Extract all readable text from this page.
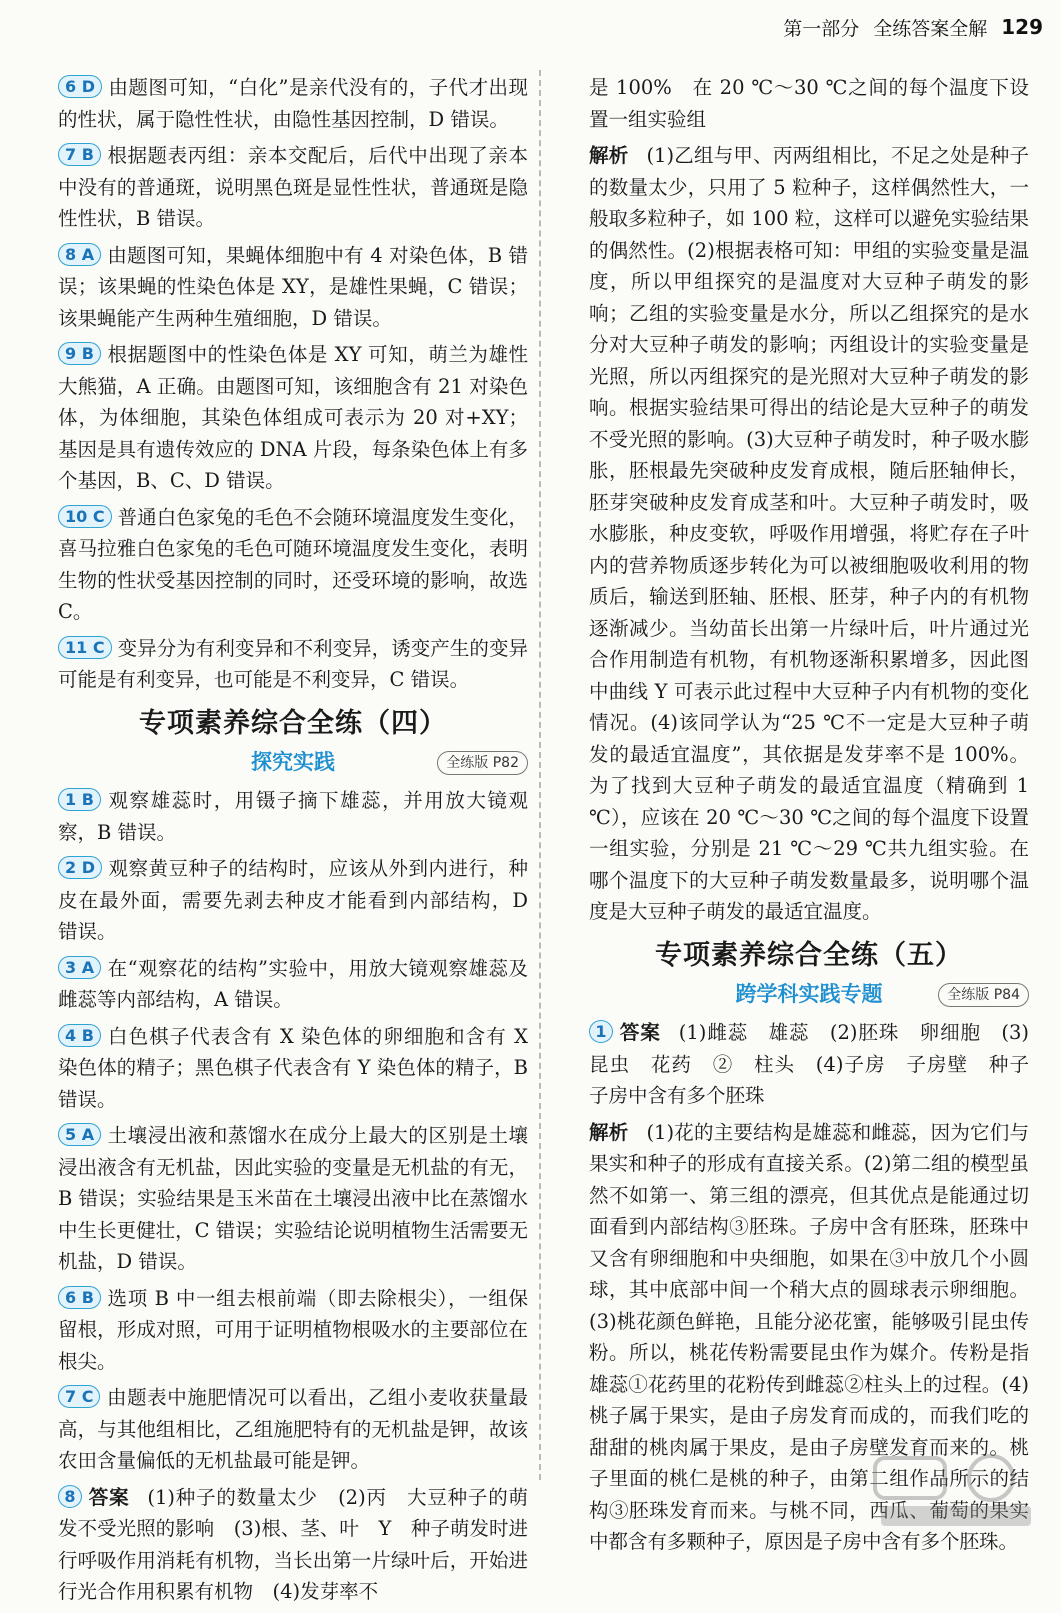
第一部分 全练答案全解 129
6 D 由题图可知，“白化”是亲代没有的，子代才出现的性状，属于隐性性状，由隐性基因控制，D 错误。
7 B 根据题表丙组：亲本交配后，后代中出现了亲本中没有的普通斑，说明黑色斑是显性性状，普通斑是隐性性状，B 错误。
8 A 由题图可知，果蝇体细胞中有 4 对染色体，B 错误；该果蝇的性染色体是 XY，是雄性果蝇，C 错误；该果蝇能产生两种生殖细胞，D 错误。
9 B 根据题图中的性染色体是 XY 可知，萌兰为雄性大熊猫，A 正确。由题图可知，该细胞含有 21 对染色体，为体细胞，其染色体组成可表示为 20 对+XY；基因是具有遗传效应的 DNA 片段，每条染色体上有多个基因，B、C、D 错误。
10 C 普通白色家兔的毛色不会随环境温度发生变化，喜马拉雅白色家兔的毛色可随环境温度发生变化，表明生物的性状受基因控制的同时，还受环境的影响，故选 C。
11 C 变异分为有利变异和不利变异，诱变产生的变异可能是有利变异，也可能是不利变异，C 错误。
专项素养综合全练（四）
探究实践	全练版 P82
1 B 观察雄蕊时，用镊子摘下雄蕊，并用放大镜观察，B 错误。
2 D 观察黄豆种子的结构时，应该从外到内进行，种皮在最外面，需要先剥去种皮才能看到内部结构，D 错误。
3 A 在“观察花的结构”实验中，用放大镜观察雄蕊及雌蕊等内部结构，A 错误。
4 B 白色棋子代表含有 X 染色体的卵细胞和含有 X 染色体的精子；黑色棋子代表含有 Y 染色体的精子，B 错误。
5 A 土壤浸出液和蒸馏水在成分上最大的区别是土壤浸出液含有无机盐，因此实验的变量是无机盐的有无，B 错误；实验结果是玉米苗在土壤浸出液中比在蒸馏水中生长更健壮，C 错误；实验结论说明植物生活需要无机盐，D 错误。
6 B 选项 B 中一组去根前端（即去除根尖），一组保留根，形成对照，可用于证明植物根吸水的主要部位在根尖。
7 C 由题表中施肥情况可以看出，乙组小麦收获量最高，与其他组相比，乙组施肥特有的无机盐是钾，故该农田含量偏低的无机盐最可能是钾。
8 答案 (1)种子的数量太少　(2)丙　大豆种子的萌发不受光照的影响　(3)根、茎、叶　Y　种子萌发时进行呼吸作用消耗有机物，当长出第一片绿叶后，开始进行光合作用积累有机物　(4)发芽率不
是 100%　在 20 ℃～30 ℃之间的每个温度下设置一组实验组
解析 (1)乙组与甲、丙两组相比，不足之处是种子的数量太少，只用了 5 粒种子，这样偶然性大，一般取多粒种子，如 100 粒，这样可以避免实验结果的偶然性。(2)根据表格可知：甲组的实验变量是温度，所以甲组探究的是温度对大豆种子萌发的影响；乙组的实验变量是水分，所以乙组探究的是水分对大豆种子萌发的影响；丙组设计的实验变量是光照，所以丙组探究的是光照对大豆种子萌发的影响。根据实验结果可得出的结论是大豆种子的萌发不受光照的影响。(3)大豆种子萌发时，种子吸水膨胀，胚根最先突破种皮发育成根，随后胚轴伸长，胚芽突破种皮发育成茎和叶。大豆种子萌发时，吸水膨胀，种皮变软，呼吸作用增强，将贮存在子叶内的营养物质逐步转化为可以被细胞吸收利用的物质后，输送到胚轴、胚根、胚芽，种子内的有机物逐渐减少。当幼苗长出第一片绿叶后，叶片通过光合作用制造有机物，有机物逐渐积累增多，因此图中曲线 Y 可表示此过程中大豆种子内有机物的变化情况。(4)该同学认为“25 ℃不一定是大豆种子萌发的最适宜温度”，其依据是发芽率不是 100%。为了找到大豆种子萌发的最适宜温度（精确到 1 ℃），应该在 20 ℃～30 ℃之间的每个温度下设置一组实验，分别是 21 ℃～29 ℃共九组实验。在哪个温度下的大豆种子萌发数量最多，说明哪个温度是大豆种子萌发的最适宜温度。
专项素养综合全练（五）
跨学科实践专题	全练版 P84
1 答案 (1)雌蕊　雄蕊　(2)胚珠　卵细胞　(3)昆虫　花药　②　柱头　(4)子房　子房壁　种子　子房中含有多个胚珠
解析 (1)花的主要结构是雄蕊和雌蕊，因为它们与果实和种子的形成有直接关系。(2)第二组的模型虽然不如第一、第三组的漂亮，但其优点是能通过切面看到内部结构③胚珠。子房中含有胚珠，胚珠中又含有卵细胞和中央细胞，如果在③中放几个小圆球，其中底部中间一个稍大点的圆球表示卵细胞。(3)桃花颜色鲜艳，且能分泌花蜜，能够吸引昆虫传粉。所以，桃花传粉需要昆虫作为媒介。传粉是指雄蕊①花药里的花粉传到雌蕊②柱头上的过程。(4)桃子属于果实，是由子房发育而成的，而我们吃的甜甜的桃肉属于果皮，是由子房壁发育而来的。桃子里面的桃仁是桃的种子，由第二组作品所示的结构③胚珠发育而来。与桃不同，西瓜、葡萄的果实中都含有多颗种子，原因是子房中含有多个胚珠。
